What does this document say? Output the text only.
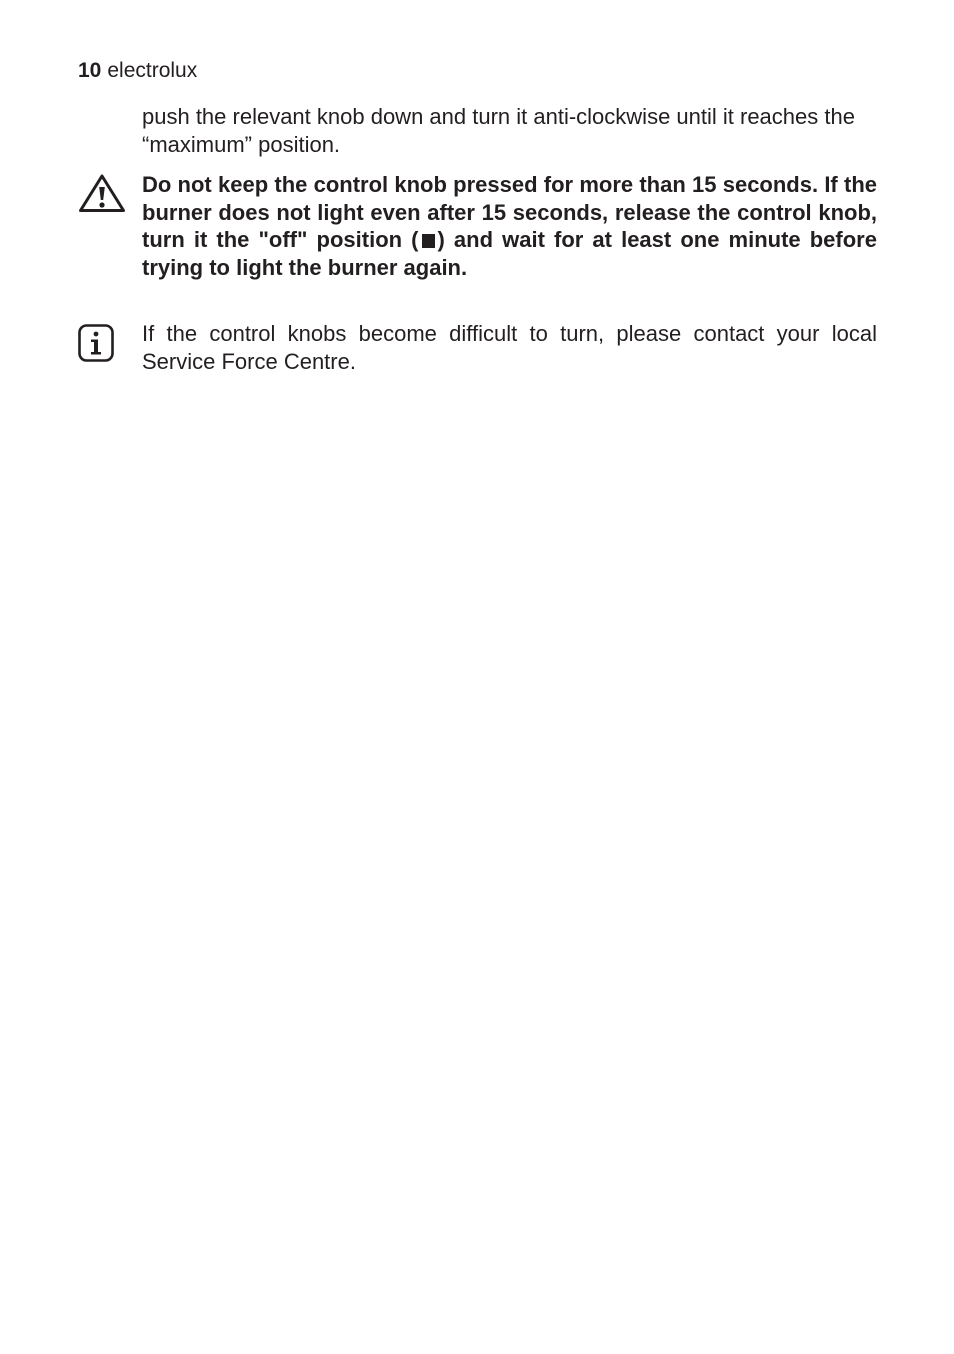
10 electrolux
push the relevant knob down and turn it anti-clockwise until it reaches the “maximum” position.
Do not keep the control knob pressed for more than 15 seconds. If the burner does not light even after 15 seconds, release the control knob, turn it the "off" position ( ) and wait for at least one minute before trying to light the burner again.
If the control knobs become difficult to turn, please contact your local Service Force Centre.
